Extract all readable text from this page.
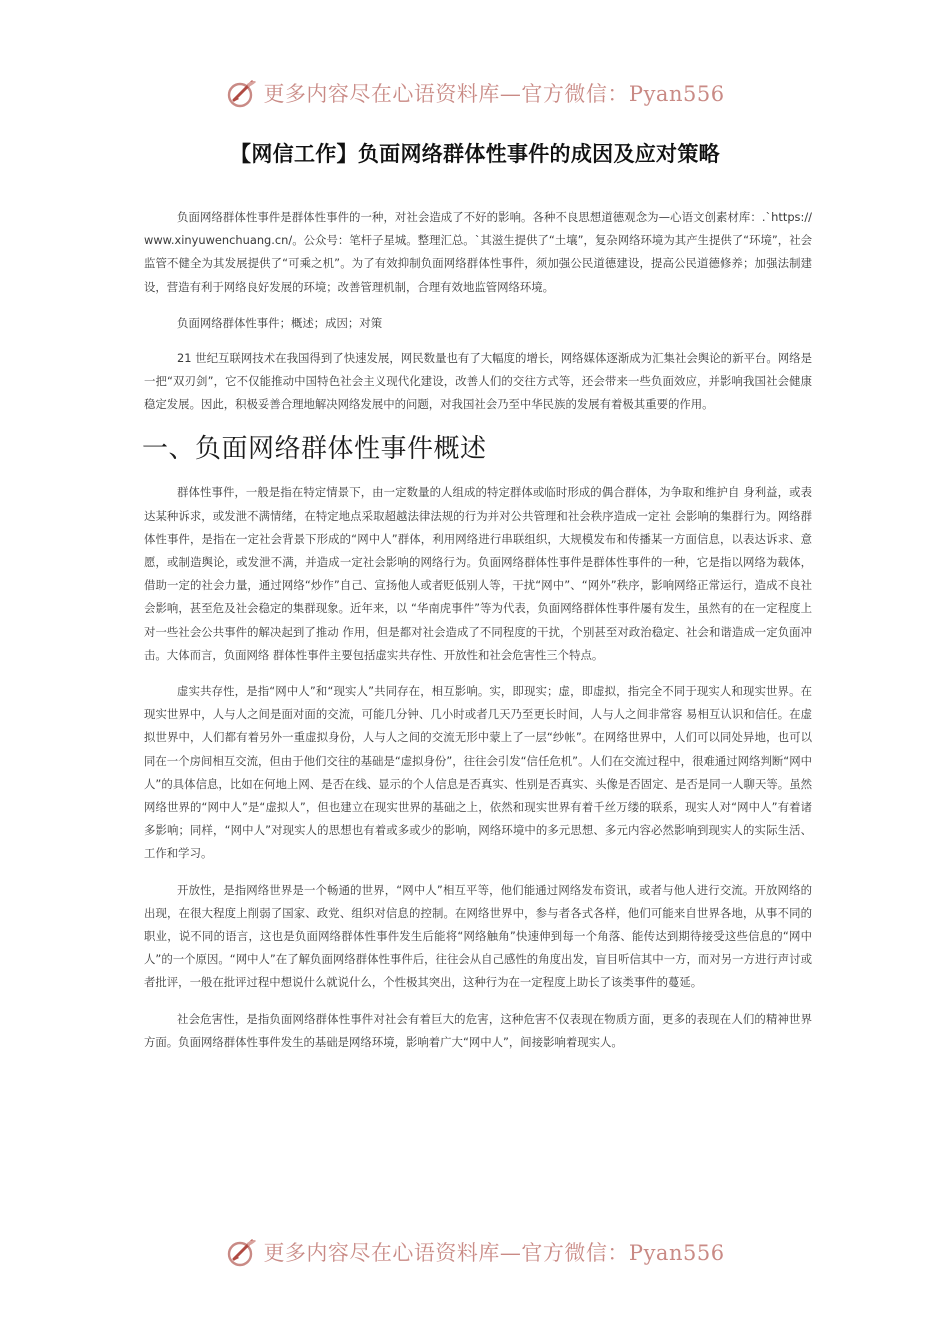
更多内容尽在心语资料库—官方微信：Pyan556
【网信工作】负面网络群体性事件的成因及应对策略

负面网络群体性事件是群体性事件的一种，对社会造成了不好的影响。各种不良思想道德观念为—心语文创素材库：.`https://www.xinyuwenchuang.cn/。公众号：笔杆子星城。整理汇总。`其滋生提供了“土壤”，复杂网络环境为其产生提供了“环境”，社会监管不健全为其发展提供了“可乘之机”。为了有效抑制负面网络群体性事件，须加强公民道德建设，提高公民道德修养；加强法制建设，营造有利于网络良好发展的环境；改善管理机制，合理有效地监管网络环境。

负面网络群体性事件；概述；成因；对策

21 世纪互联网技术在我国得到了快速发展，网民数量也有了大幅度的增长，网络媒体逐渐成为汇集社会舆论的新平台。网络是一把“双刃剑”，它不仅能推动中国特色社会主义现代化建设，改善人们的交往方式等，还会带来一些负面效应，并影响我国社会健康稳定发展。因此，积极妥善合理地解决网络发展中的问题，对我国社会乃至中华民族的发展有着极其重要的作用。

一、负面网络群体性事件概述

群体性事件，一般是指在特定情景下，由一定数量的人组成的特定群体或临时形成的偶合群体，为争取和维护自 身利益，或表达某种诉求，或发泄不满情绪，在特定地点采取超越法律法规的行为并对公共管理和社会秩序造成一定社 会影响的集群行为。网络群体性事件，是指在一定社会背景下形成的“网中人”群体，利用网络进行串联组织，大规模发布和传播某一方面信息，以表达诉求、意愿，或制造舆论，或发泄不满，并造成一定社会影响的网络行为。负面网络群体性事件是群体性事件的一种，它是指以网络为载体，借助一定的社会力量，通过网络“炒作”自己、宣扬他人或者贬低别人等，干扰“网中”、“网外”秩序，影响网络正常运行，造成不良社会影响，甚至危及社会稳定的集群现象。近年来，以 “华南虎事件”等为代表，负面网络群体性事件屡有发生，虽然有的在一定程度上对一些社会公共事件的解决起到了推动 作用，但是都对社会造成了不同程度的干扰，个别甚至对政治稳定、社会和谐造成一定负面冲击。大体而言，负面网络 群体性事件主要包括虚实共存性、开放性和社会危害性三个特点。

虚实共存性，是指“网中人”和“现实人”共同存在，相互影响。实，即现实；虚，即虚拟，指完全不同于现实人和现实世界。在现实世界中，人与人之间是面对面的交流，可能几分钟、几小时或者几天乃至更长时间，人与人之间非常容 易相互认识和信任。在虚拟世界中，人们都有着另外一重虚拟身份，人与人之间的交流无形中蒙上了一层“纱帐”。在网络世界中，人们可以同处异地，也可以同在一个房间相互交流，但由于他们交往的基础是“虚拟身份”，往往会引发“信任危机”。人们在交流过程中，很难通过网络判断“网中人”的具体信息，比如在何地上网、是否在线、显示的个人信息是否真实、性别是否真实、头像是否固定、是否是同一人聊天等。虽然网络世界的“网中人”是“虚拟人”，但也建立在现实世界的基础之上，依然和现实世界有着千丝万缕的联系，现实人对“网中人”有着诸多影响；同样，“网中人”对现实人的思想也有着或多或少的影响，网络环境中的多元思想、多元内容必然影响到现实人的实际生活、工作和学习。

开放性，是指网络世界是一个畅通的世界，“网中人”相互平等，他们能通过网络发布资讯，或者与他人进行交流。开放网络的出现，在很大程度上削弱了国家、政党、组织对信息的控制。在网络世界中，参与者各式各样，他们可能来自世界各地，从事不同的职业，说不同的语言，这也是负面网络群体性事件发生后能将“网络触角”快速伸到每一个角落、能传达到期待接受这些信息的“网中人”的一个原因。“网中人”在了解负面网络群体性事件后，往往会从自己感性的角度出发，盲目听信其中一方，而对另一方进行声讨或者批评，一般在批评过程中想说什么就说什么，个性极其突出，这种行为在一定程度上助长了该类事件的蔓延。

社会危害性，是指负面网络群体性事件对社会有着巨大的危害，这种危害不仅表现在物质方面，更多的表现在人们的精神世界方面。负面网络群体性事件发生的基础是网络环境，影响着广大“网中人”，间接影响着现实人。

更多内容尽在心语资料库—官方微信：Pyan556
